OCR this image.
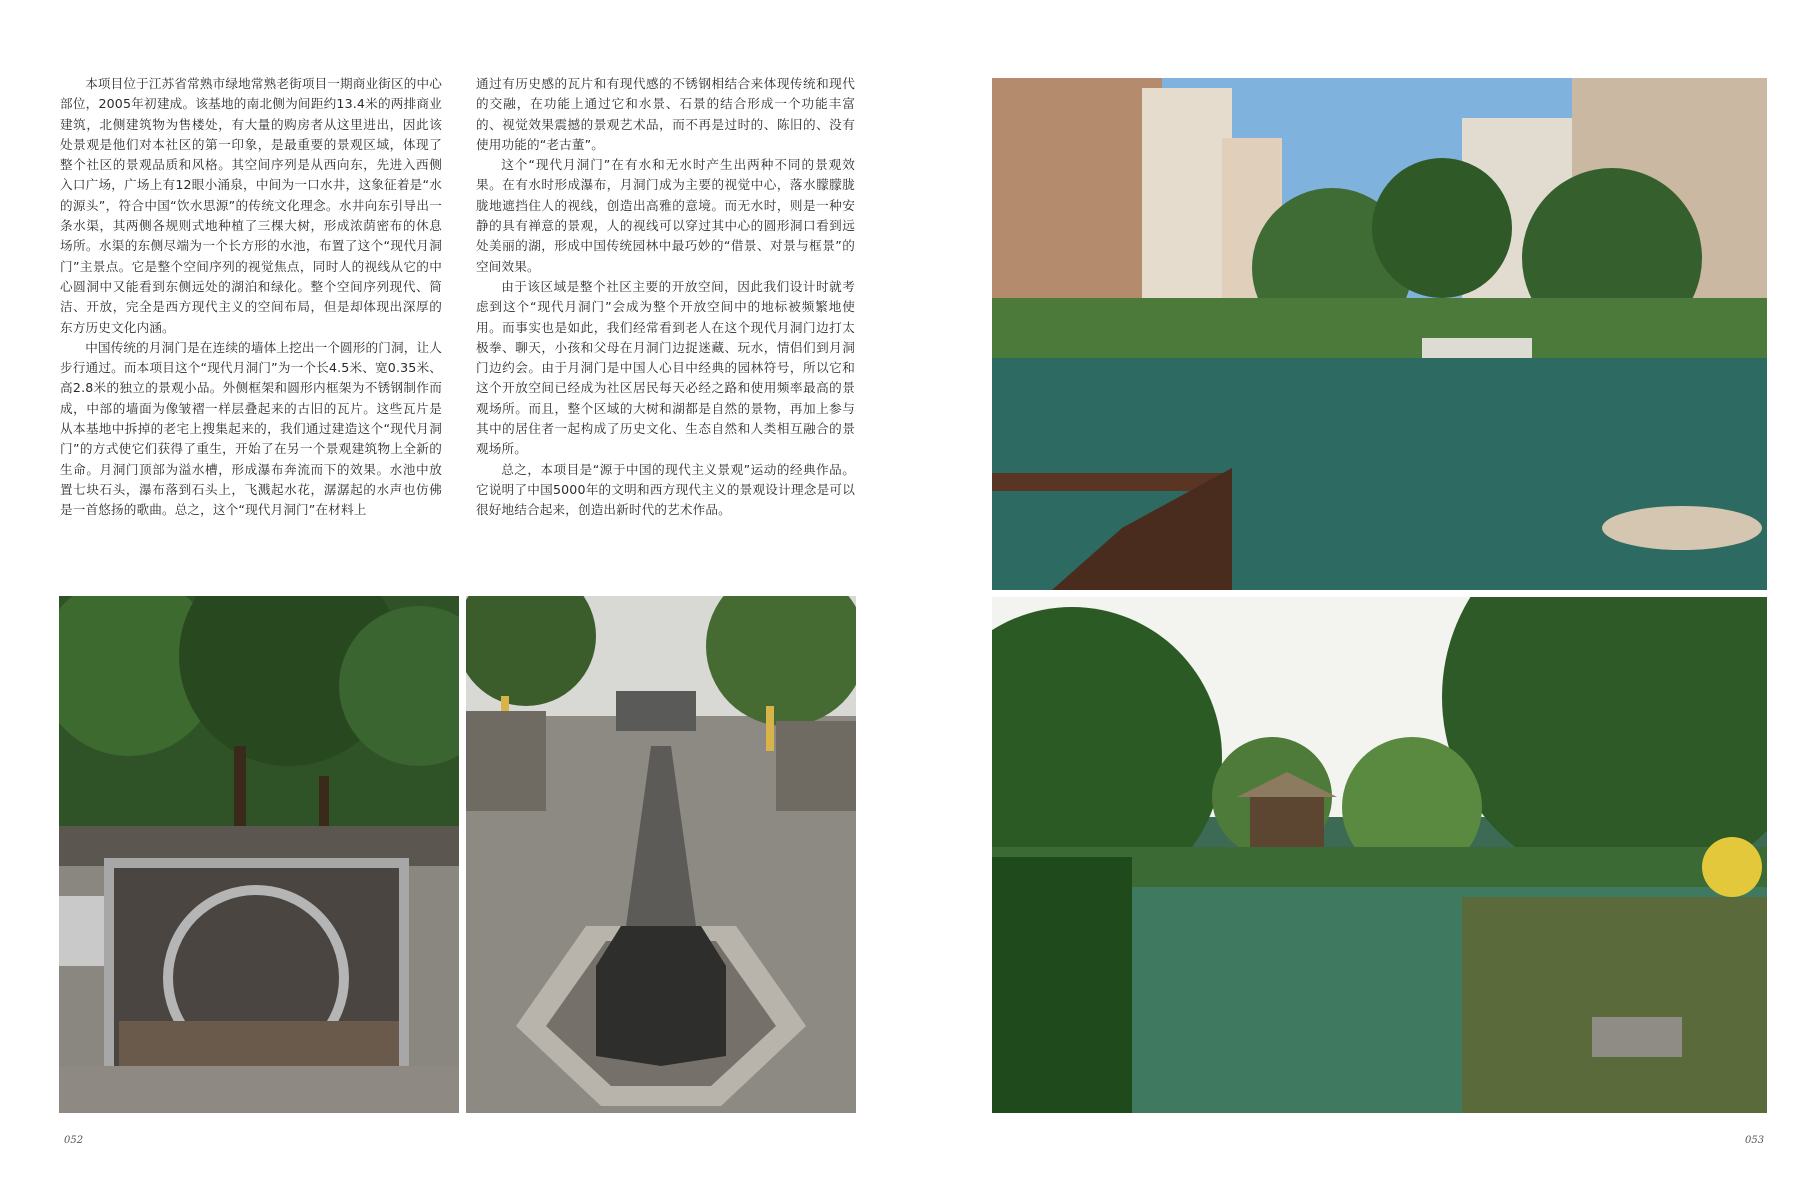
本项目位于江苏省常熟市绿地常熟老街项目一期商业街区的中心部位，2005年初建成。该基地的南北侧为间距约13.4米的两排商业建筑，北侧建筑物为售楼处，有大量的购房者从这里进出，因此该处景观是他们对本社区的第一印象，是最重要的景观区域，体现了整个社区的景观品质和风格。其空间序列是从西向东，先进入西侧入口广场，广场上有12眼小涌泉，中间为一口水井，这象征着是“水的源头”，符合中国“饮水思源”的传统文化理念。水井向东引导出一条水渠，其两侧各规则式地种植了三棵大树，形成浓荫密布的休息场所。水渠的东侧尽端为一个长方形的水池，布置了这个“现代月洞门”主景点。它是整个空间序列的视觉焦点，同时人的视线从它的中心圆洞中又能看到东侧远处的湖泊和绿化。整个空间序列现代、简洁、开放，完全是西方现代主义的空间布局，但是却体现出深厚的东方历史文化内涵。

中国传统的月洞门是在连续的墙体上挖出一个圆形的门洞，让人步行通过。而本项目这个“现代月洞门”为一个长4.5米、宽0.35米、高2.8米的独立的景观小品。外侧框架和圆形内框架为不锈钢制作而成，中部的墙面为像皱褶一样层叠起来的古旧的瓦片。这些瓦片是从本基地中拆掉的老宅上搜集起来的，我们通过建造这个“现代月洞门”的方式使它们获得了重生，开始了在另一个景观建筑物上全新的生命。月洞门顶部为溢水槽，形成瀑布奔流而下的效果。水池中放置七块石头，瀑布落到石头上，飞溅起水花，潺潺起的水声也仿佛是一首悠扬的歌曲。总之，这个“现代月洞门”在材料上

通过有历史感的瓦片和有现代感的不锈钢相结合来体现传统和现代的交融，在功能上通过它和水景、石景的结合形成一个功能丰富的、视觉效果震撼的景观艺术品，而不再是过时的、陈旧的、没有使用功能的“老古董”。

这个“现代月洞门”在有水和无水时产生出两种不同的景观效果。在有水时形成瀑布，月洞门成为主要的视觉中心，落水朦朦胧胧地遮挡住人的视线，创造出高雅的意境。而无水时，则是一种安静的具有禅意的景观，人的视线可以穿过其中心的圆形洞口看到远处美丽的湖，形成中国传统园林中最巧妙的“借景、对景与框景”的空间效果。

由于该区域是整个社区主要的开放空间，因此我们设计时就考虑到这个“现代月洞门”会成为整个开放空间中的地标被频繁地使用。而事实也是如此，我们经常看到老人在这个现代月洞门边打太极拳、聊天，小孩和父母在月洞门边捉迷藏、玩水，情侣们到月洞门边约会。由于月洞门是中国人心目中经典的园林符号，所以它和这个开放空间已经成为社区居民每天必经之路和使用频率最高的景观场所。而且，整个区域的大树和湖都是自然的景物，再加上参与其中的居住者一起构成了历史文化、生态自然和人类相互融合的景观场所。

总之，本项目是“源于中国的现代主义景观”运动的经典作品。它说明了中国5000年的文明和西方现代主义的景观设计理念是可以很好地结合起来，创造出新时代的艺术作品。

052	053
